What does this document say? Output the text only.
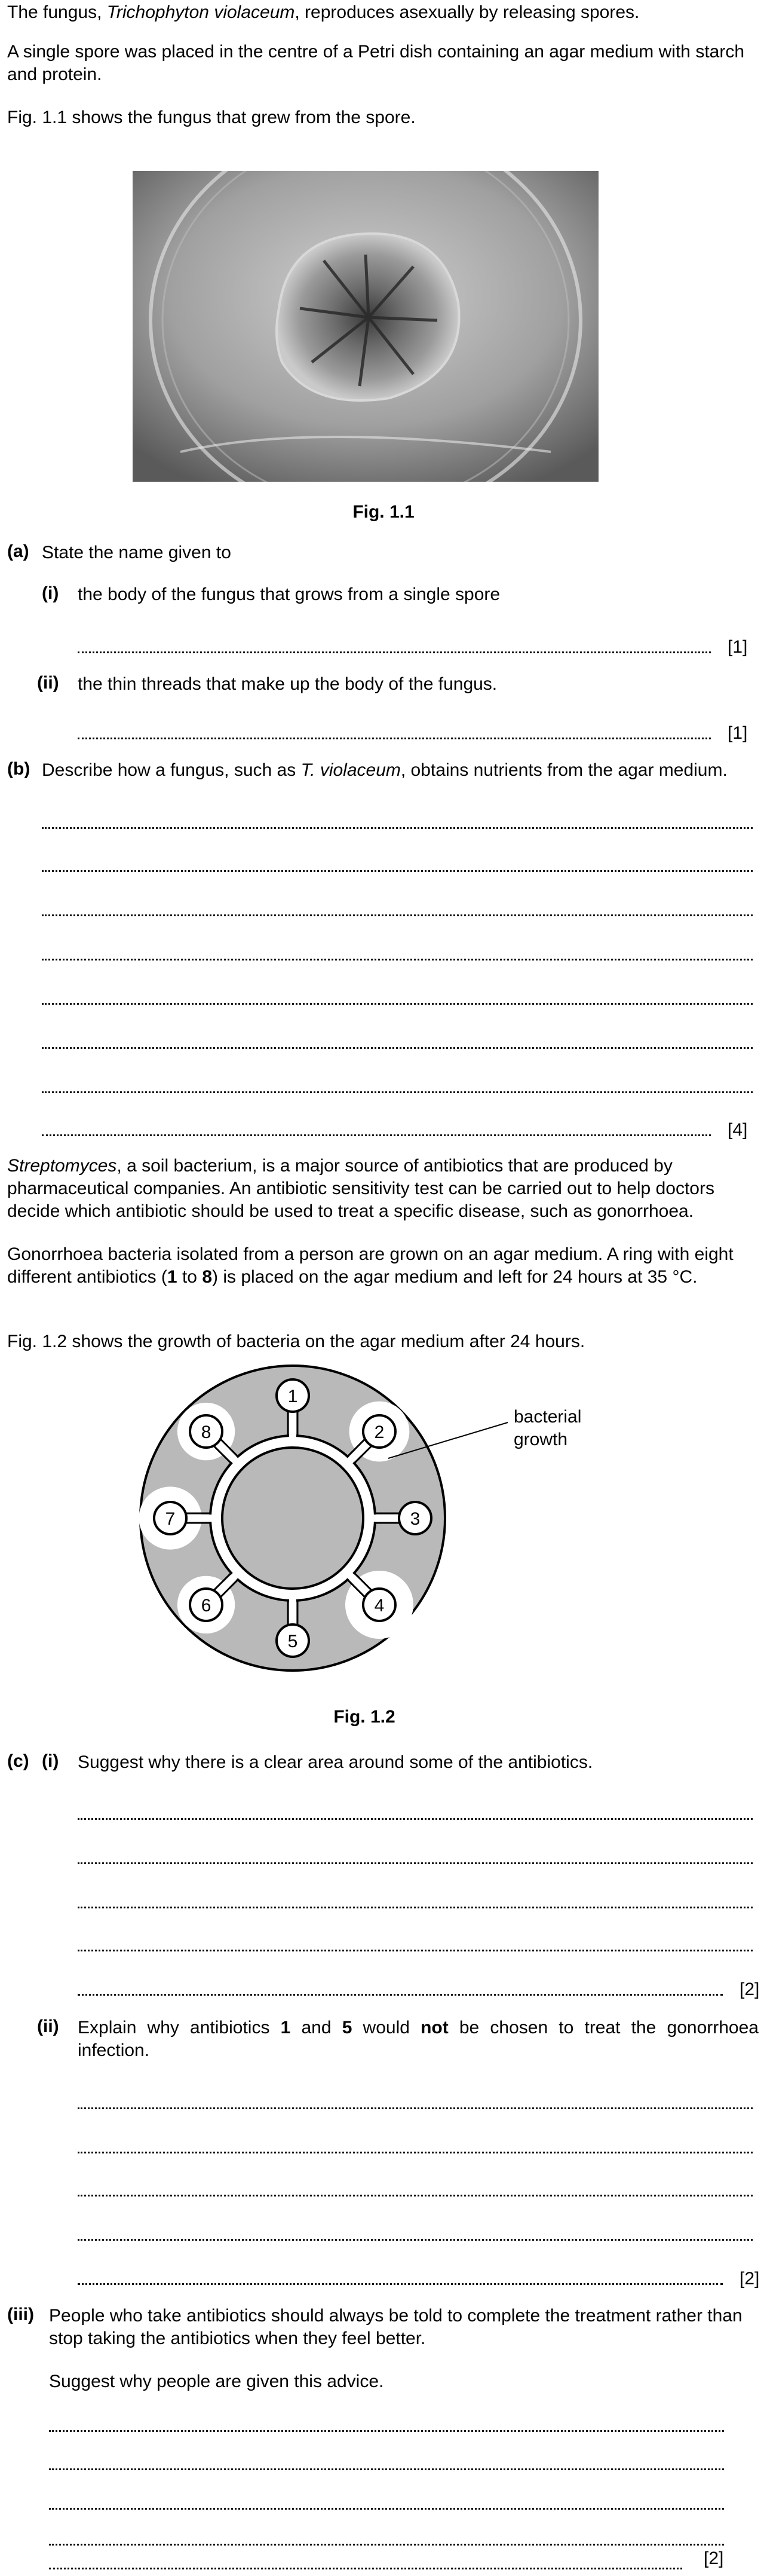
The fungus, Trichophyton violaceum, reproduces asexually by releasing spores.
A single spore was placed in the centre of a Petri dish containing an agar medium with starch and protein.
Fig. 1.1 shows the fungus that grew from the spore.
Fig. 1.1
(a) State the name given to
(i) the body of the fungus that grows from a single spore
[1]
(ii) the thin threads that make up the body of the fungus.
[1]
(b) Describe how a fungus, such as T. violaceum, obtains nutrients from the agar medium.
[4]
Streptomyces, a soil bacterium, is a major source of antibiotics that are produced by pharmaceutical companies. An antibiotic sensitivity test can be carried out to help doctors decide which antibiotic should be used to treat a specific disease, such as gonorrhoea.
Gonorrhoea bacteria isolated from a person are grown on an agar medium. A ring with eight different antibiotics (1 to 8) is placed on the agar medium and left for 24 hours at 35 °C.
Fig. 1.2 shows the growth of bacteria on the agar medium after 24 hours.
1
2
3
4
5
6
7
8
bacterial
growth
Fig. 1.2
(c) (i) Suggest why there is a clear area around some of the antibiotics.
[2]
(ii) Explain why antibiotics 1 and 5 would not be chosen to treat the gonorrhoea infection.
[2]
(iii) People who take antibiotics should always be told to complete the treatment rather than stop taking the antibiotics when they feel better.
Suggest why people are given this advice.
[2]
